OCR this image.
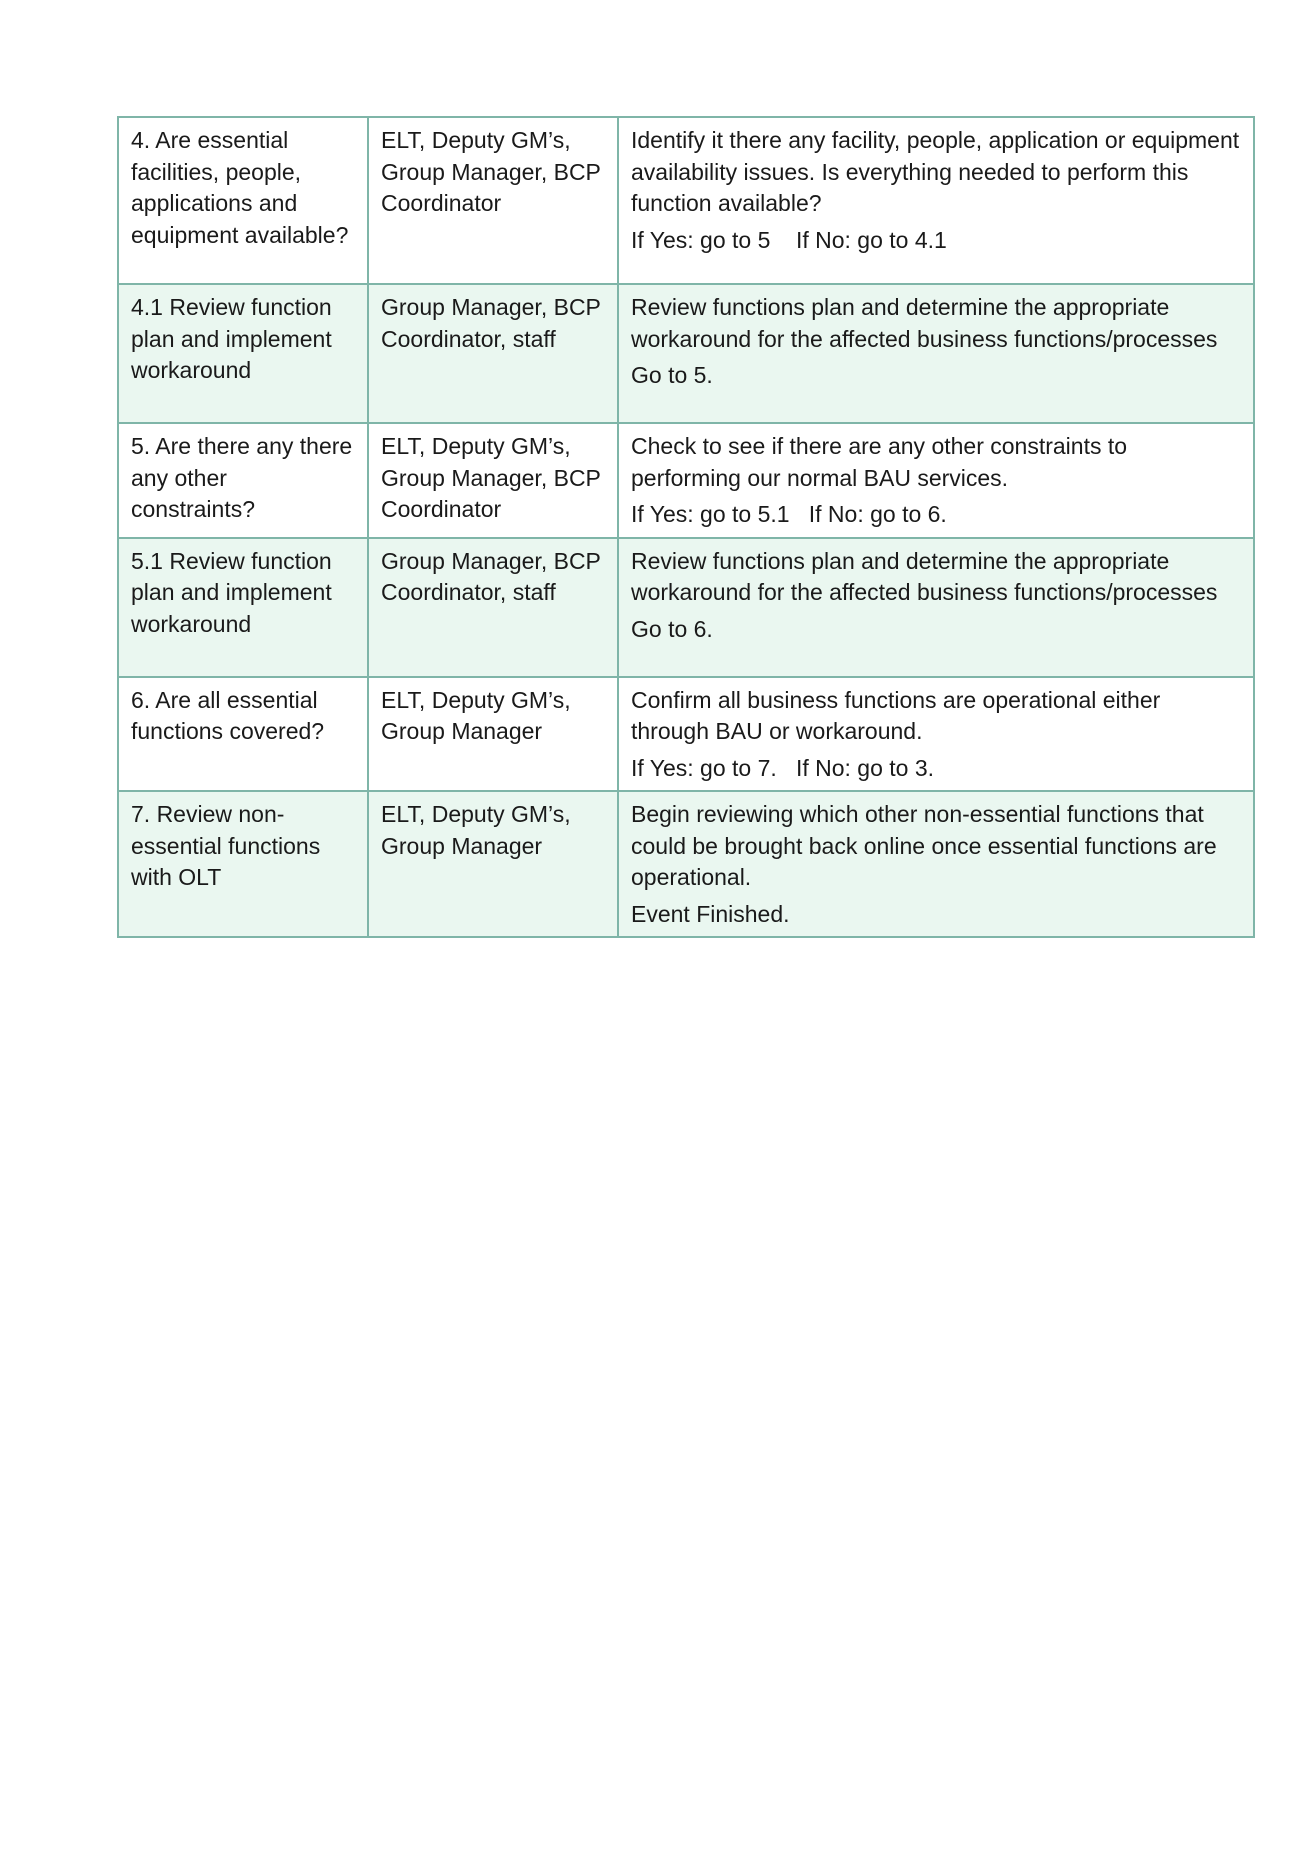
4. Are essential facilities, people, applications and equipment available?	ELT, Deputy GM’s, Group Manager, BCP Coordinator	Identify it there any facility, people, application or equipment availability issues. Is everything needed to perform this function available?
If Yes: go to 5    If No: go to 4.1

4.1 Review function plan and implement workaround	Group Manager, BCP Coordinator, staff	Review functions plan and determine the appropriate workaround for the affected business functions/processes
Go to 5.

5. Are there any there any other constraints?	ELT, Deputy GM’s, Group Manager, BCP Coordinator	Check to see if there are any other constraints to performing our normal BAU services.
If Yes: go to 5.1   If No: go to 6.

5.1 Review function plan and implement workaround	Group Manager, BCP Coordinator, staff	Review functions plan and determine the appropriate workaround for the affected business functions/processes
Go to 6.

6. Are all essential functions covered?	ELT, Deputy GM’s, Group Manager	Confirm all business functions are operational either through BAU or workaround.
If Yes: go to 7.   If No: go to 3.

7. Review non-essential functions with OLT	ELT, Deputy GM’s, Group Manager	Begin reviewing which other non-essential functions that could be brought back online once essential functions are operational.
Event Finished.
